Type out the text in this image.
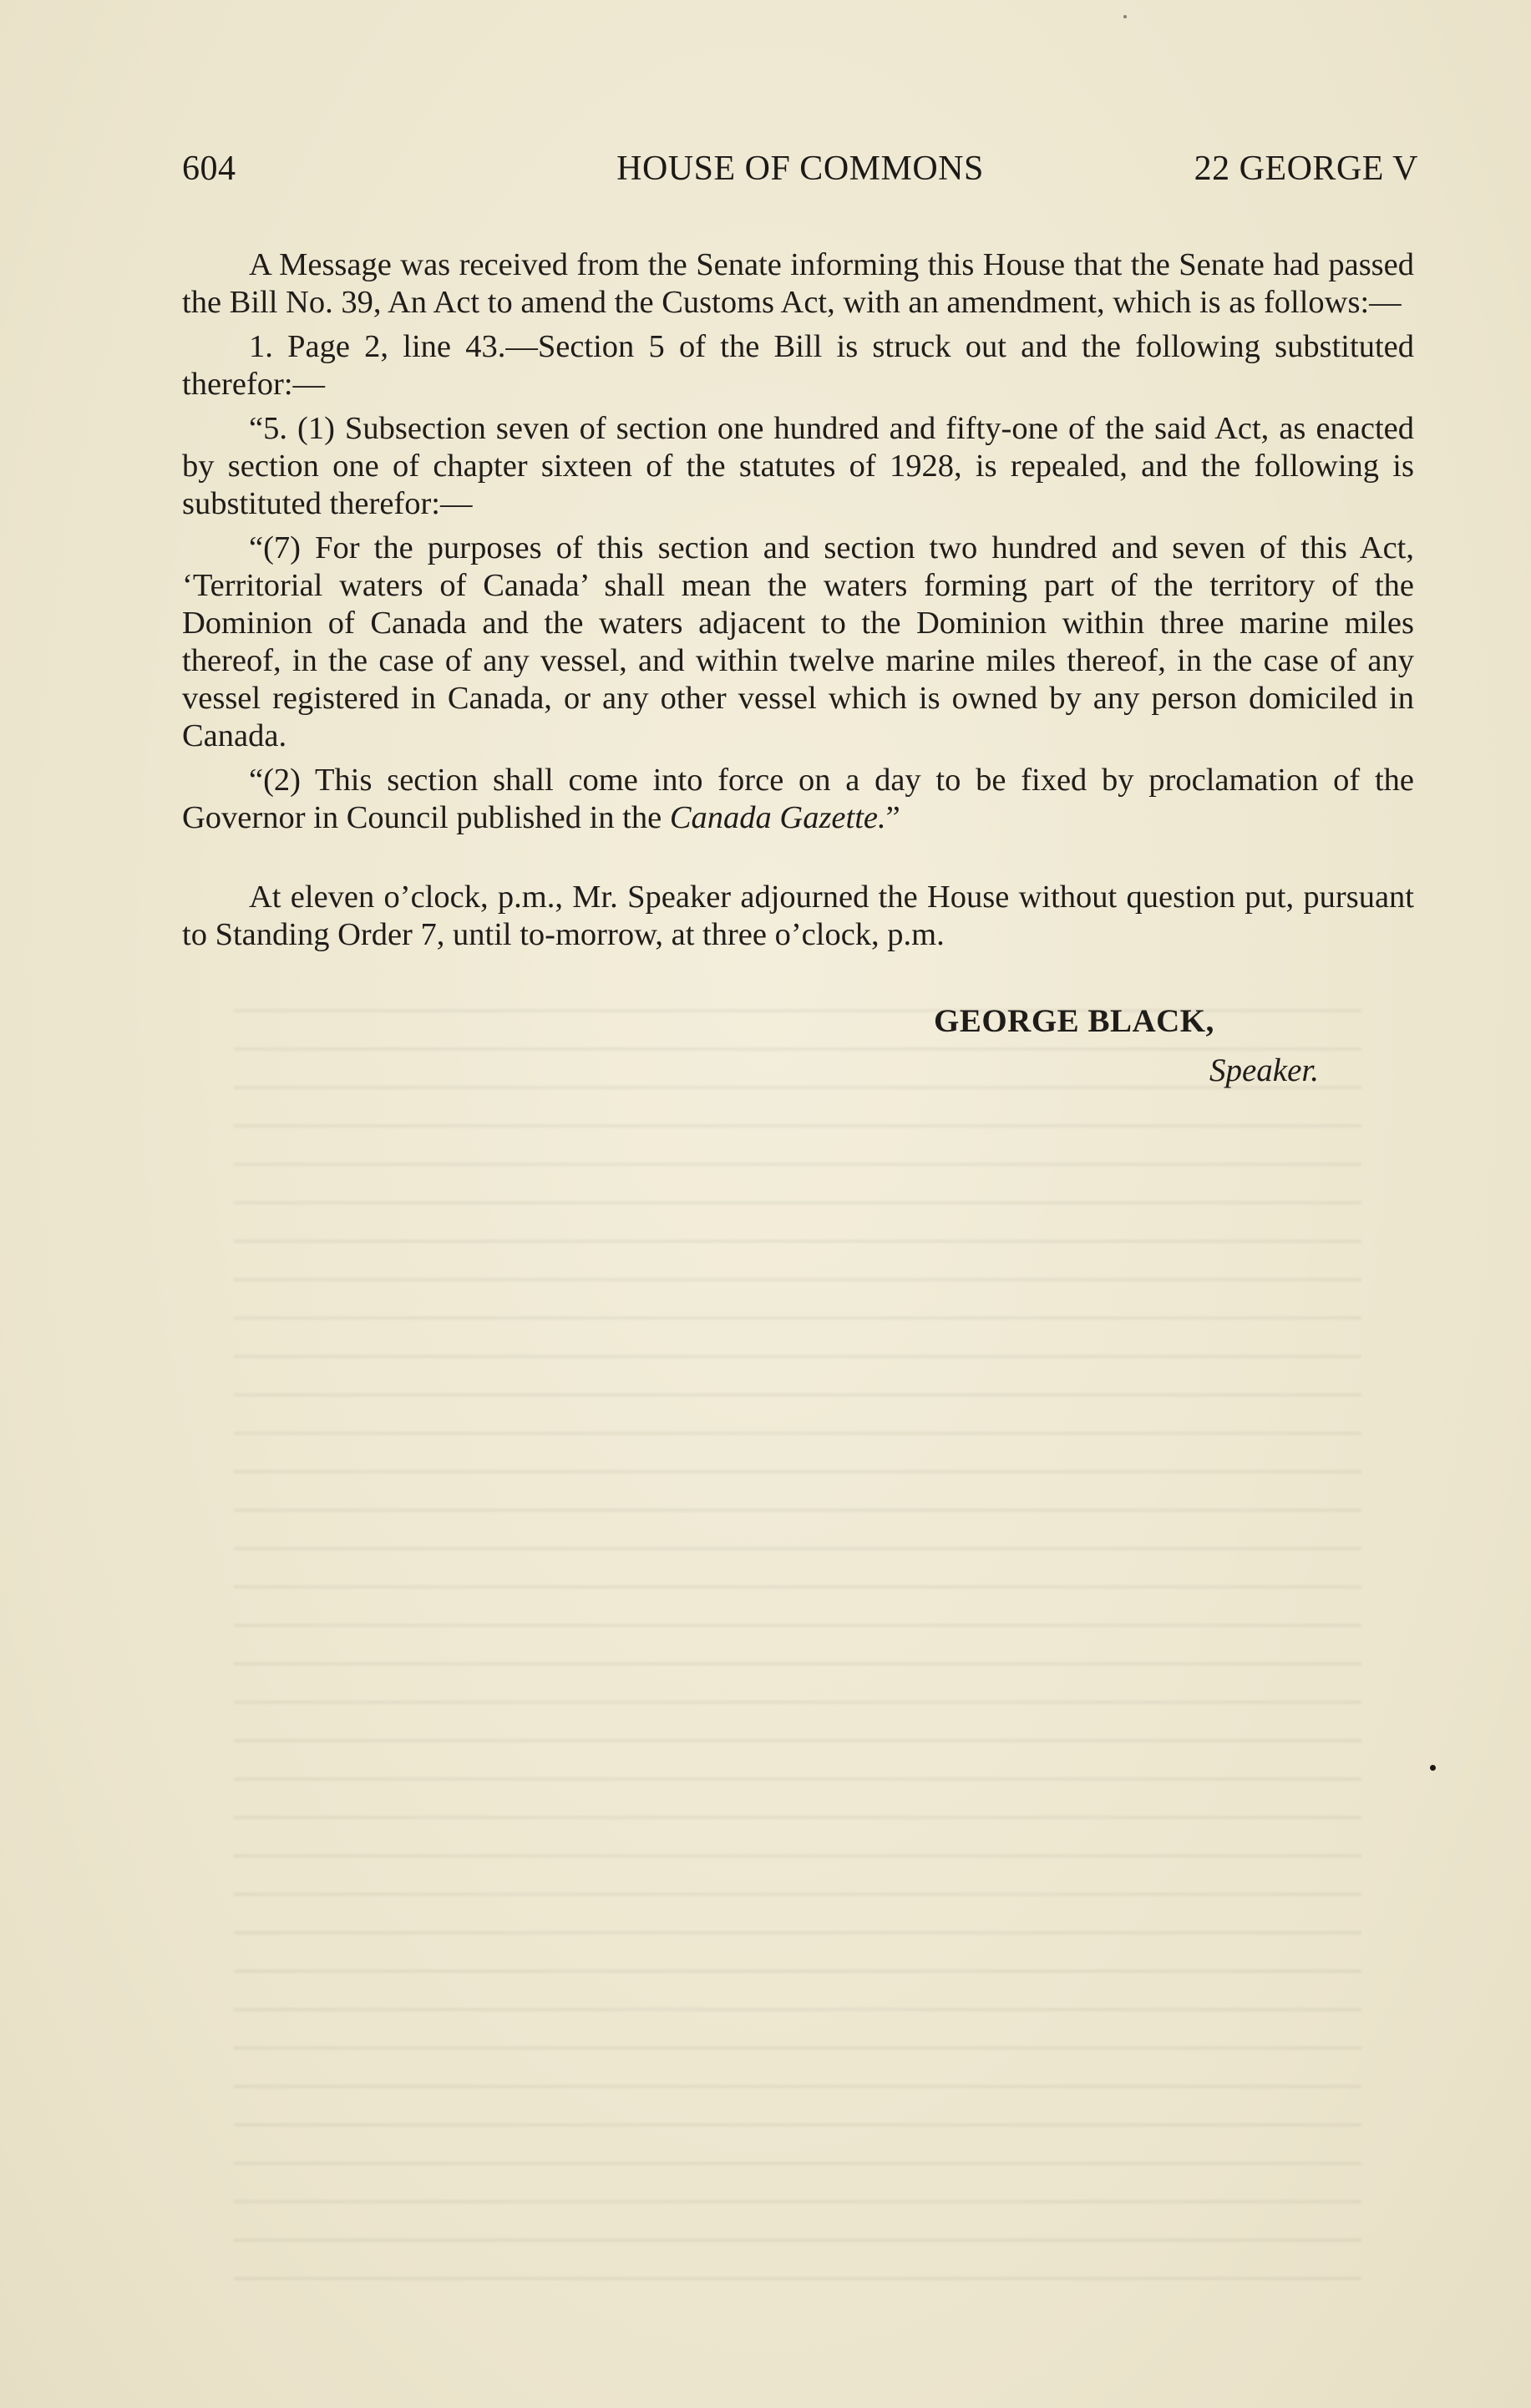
604	HOUSE OF COMMONS	22 GEORGE V

A Message was received from the Senate informing this House that the Senate had passed the Bill No. 39, An Act to amend the Customs Act, with an amendment, which is as follows:—

1. Page 2, line 43.—Section 5 of the Bill is struck out and the following substituted therefor:—

“5. (1) Subsection seven of section one hundred and fifty-one of the said Act, as enacted by section one of chapter sixteen of the statutes of 1928, is repealed, and the following is substituted therefor:—

“(7) For the purposes of this section and section two hundred and seven of this Act, ‘Territorial waters of Canada’ shall mean the waters forming part of the territory of the Dominion of Canada and the waters adjacent to the Dominion within three marine miles thereof, in the case of any vessel, and within twelve marine miles thereof, in the case of any vessel registered in Canada, or any other vessel which is owned by any person domiciled in Canada.

“(2) This section shall come into force on a day to be fixed by proclamation of the Governor in Council published in the Canada Gazette.”

At eleven o’clock, p.m., Mr. Speaker adjourned the House without question put, pursuant to Standing Order 7, until to-morrow, at three o’clock, p.m.

GEORGE BLACK,
Speaker.
